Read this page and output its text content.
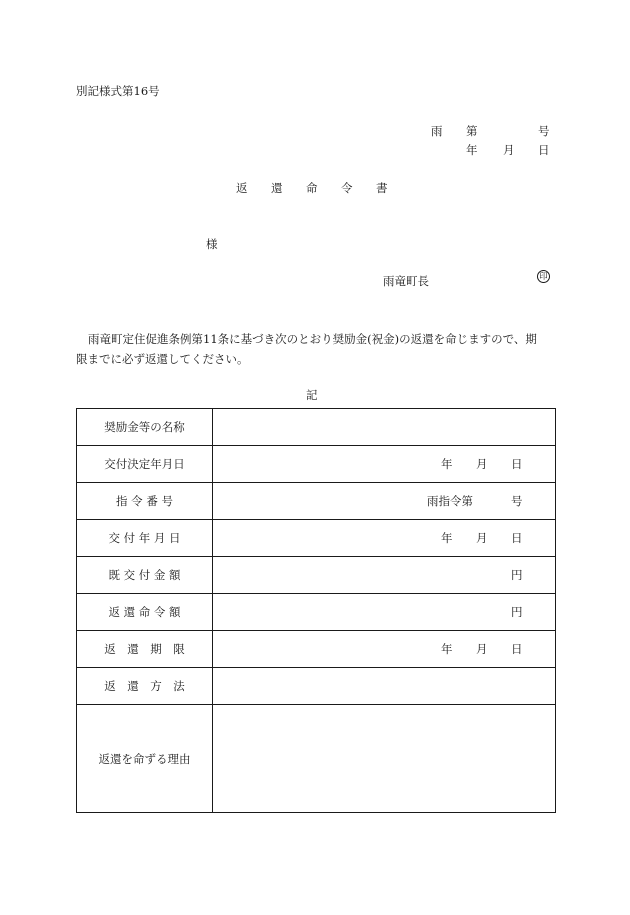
別記様式第16号
雨 第	号
年 月 日
返 還 命 令 書
様
雨竜町長	印
雨竜町定住促進条例第11条に基づき次のとおり奨励金(祝金)の返還を命じますので、期
限までに必ず返還してください。
記
奨励金等の名称	
交付決定年月日	年 月 日

指 令 番 号	雨指令第 号

交 付 年 月 日	年 月 日

既 交 付 金 額	円

返 還 命 令 額	円

返　還　期　限	年 月 日

返　還　方　法	
返還を命ずる理由	
